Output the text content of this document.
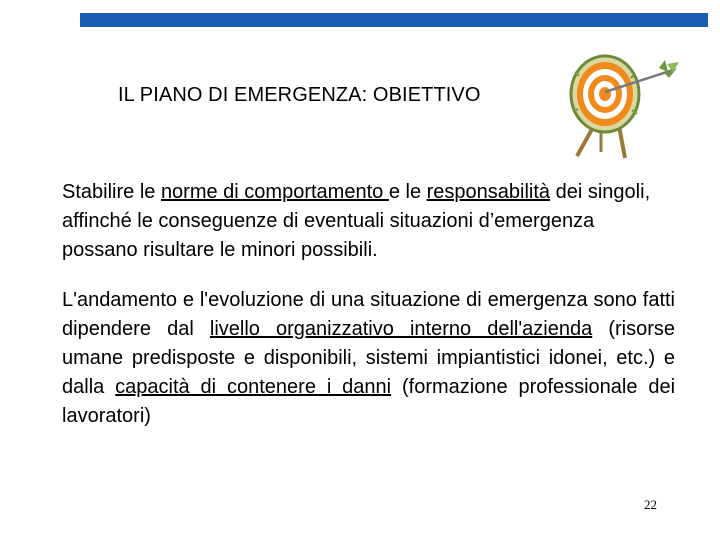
IL PIANO DI EMERGENZA: OBIETTIVO

Stabilire le norme di comportamento e le responsabilità dei singoli, affinché le conseguenze di eventuali situazioni d’emergenza possano risultare le minori possibili.

L'andamento e l'evoluzione di una situazione di emergenza sono fatti dipendere dal livello organizzativo interno dell'azienda (risorse umane predisposte e disponibili, sistemi impiantistici idonei, etc.) e dalla capacità di contenere i danni (formazione professionale dei lavoratori)

22
